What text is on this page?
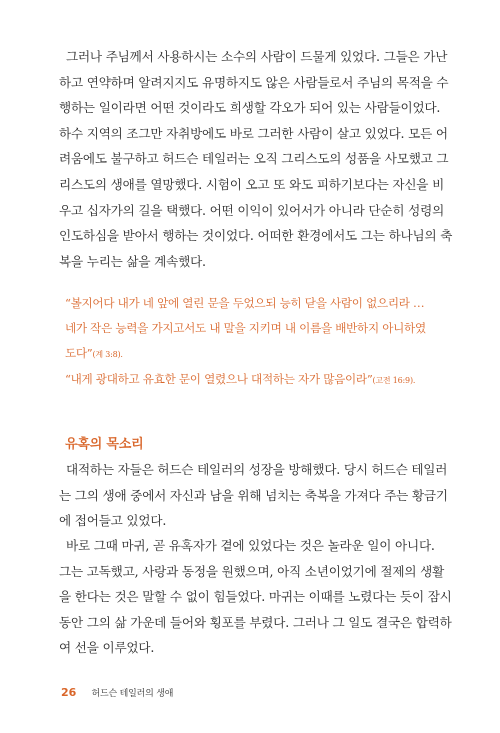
그러나 주님께서 사용하시는 소수의 사람이 드물게 있었다. 그들은 가난
하고 연약하며 알려지지도 유명하지도 않은 사람들로서 주님의 목적을 수
행하는 일이라면 어떤 것이라도 희생할 각오가 되어 있는 사람들이었다.
하수 지역의 조그만 자취방에도 바로 그러한 사람이 살고 있었다. 모든 어
려움에도 불구하고 허드슨 테일러는 오직 그리스도의 성품을 사모했고 그
리스도의 생애를 열망했다. 시험이 오고 또 와도 피하기보다는 자신을 비
우고 십자가의 길을 택했다. 어떤 이익이 있어서가 아니라 단순히 성령의
인도하심을 받아서 행하는 것이었다. 어떠한 환경에서도 그는 하나님의 축
복을 누리는 삶을 계속했다.

“볼지어다 내가 네 앞에 열린 문을 두었으되 능히 닫을 사람이 없으리라 …
네가 작은 능력을 가지고서도 내 말을 지키며 내 이름을 배반하지 아니하였
도다”(계 3:8).
“내게 광대하고 유효한 문이 열렸으나 대적하는 자가 많음이라”(고전 16:9).

유혹의 목소리

대적하는 자들은 허드슨 테일러의 성장을 방해했다. 당시 허드슨 테일러
는 그의 생애 중에서 자신과 남을 위해 넘치는 축복을 가져다 주는 황금기
에 접어들고 있었다.

바로 그때 마귀, 곧 유혹자가 곁에 있었다는 것은 놀라운 일이 아니다.
그는 고독했고, 사랑과 동정을 원했으며, 아직 소년이었기에 절제의 생활
을 한다는 것은 말할 수 없이 힘들었다. 마귀는 이때를 노렸다는 듯이 잠시
동안 그의 삶 가운데 들어와 횡포를 부렸다. 그러나 그 일도 결국은 합력하
여 선을 이루었다.

26 허드슨 테일러의 생애
